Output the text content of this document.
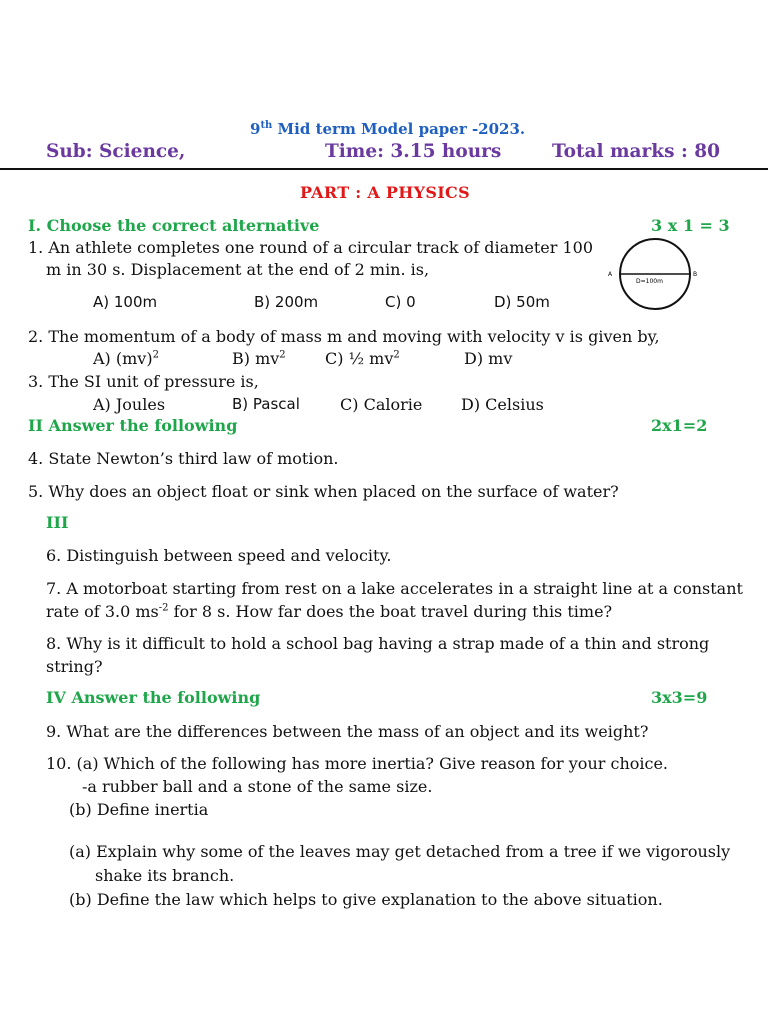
9th Mid term Model paper -2023.
Sub: Science,	Time: 3.15 hours	Total marks : 80
PART : A PHYSICS
I. Choose the correct alternative	3 x 1 = 3
1. An athlete completes one round of a circular track of diameter 100
m in 30 s. Displacement at the end of 2 min. is,	A	B
D=100m
A) 100m	B) 200m	C) 0	D) 50m
2. The momentum of a body of mass m and moving with velocity v is given by,
A) (mv)$^2$	B) $mv^2$ C) ½ $mv^2$	D) mv
3. The SI unit of pressure is,
A) Joules	B) Pascal	C) Calorie D) Celsius
II Answer the following	2x1=2
4. State Newton’s third law of motion.
5. Why does an object float or sink when placed on the surface of water?
III
6. Distinguish between speed and velocity.
7. A motorboat starting from rest on a lake accelerates in a straight line at a constant
rate of 3.0 $ms^{-2}$ for 8 s. How far does the boat travel during this time?
8. Why is it difficult to hold a school bag having a strap made of a thin and strong
string?
IV Answer the following	3x3=9
9. What are the differences between the mass of an object and its weight?
10. (a) Which of the following has more inertia? Give reason for your choice.
-a rubber ball and a stone of the same size.
(b) Define inertia
(a) Explain why some of the leaves may get detached from a tree if we vigorously
shake its branch.
(b) Define the law which helps to give explanation to the above situation.
